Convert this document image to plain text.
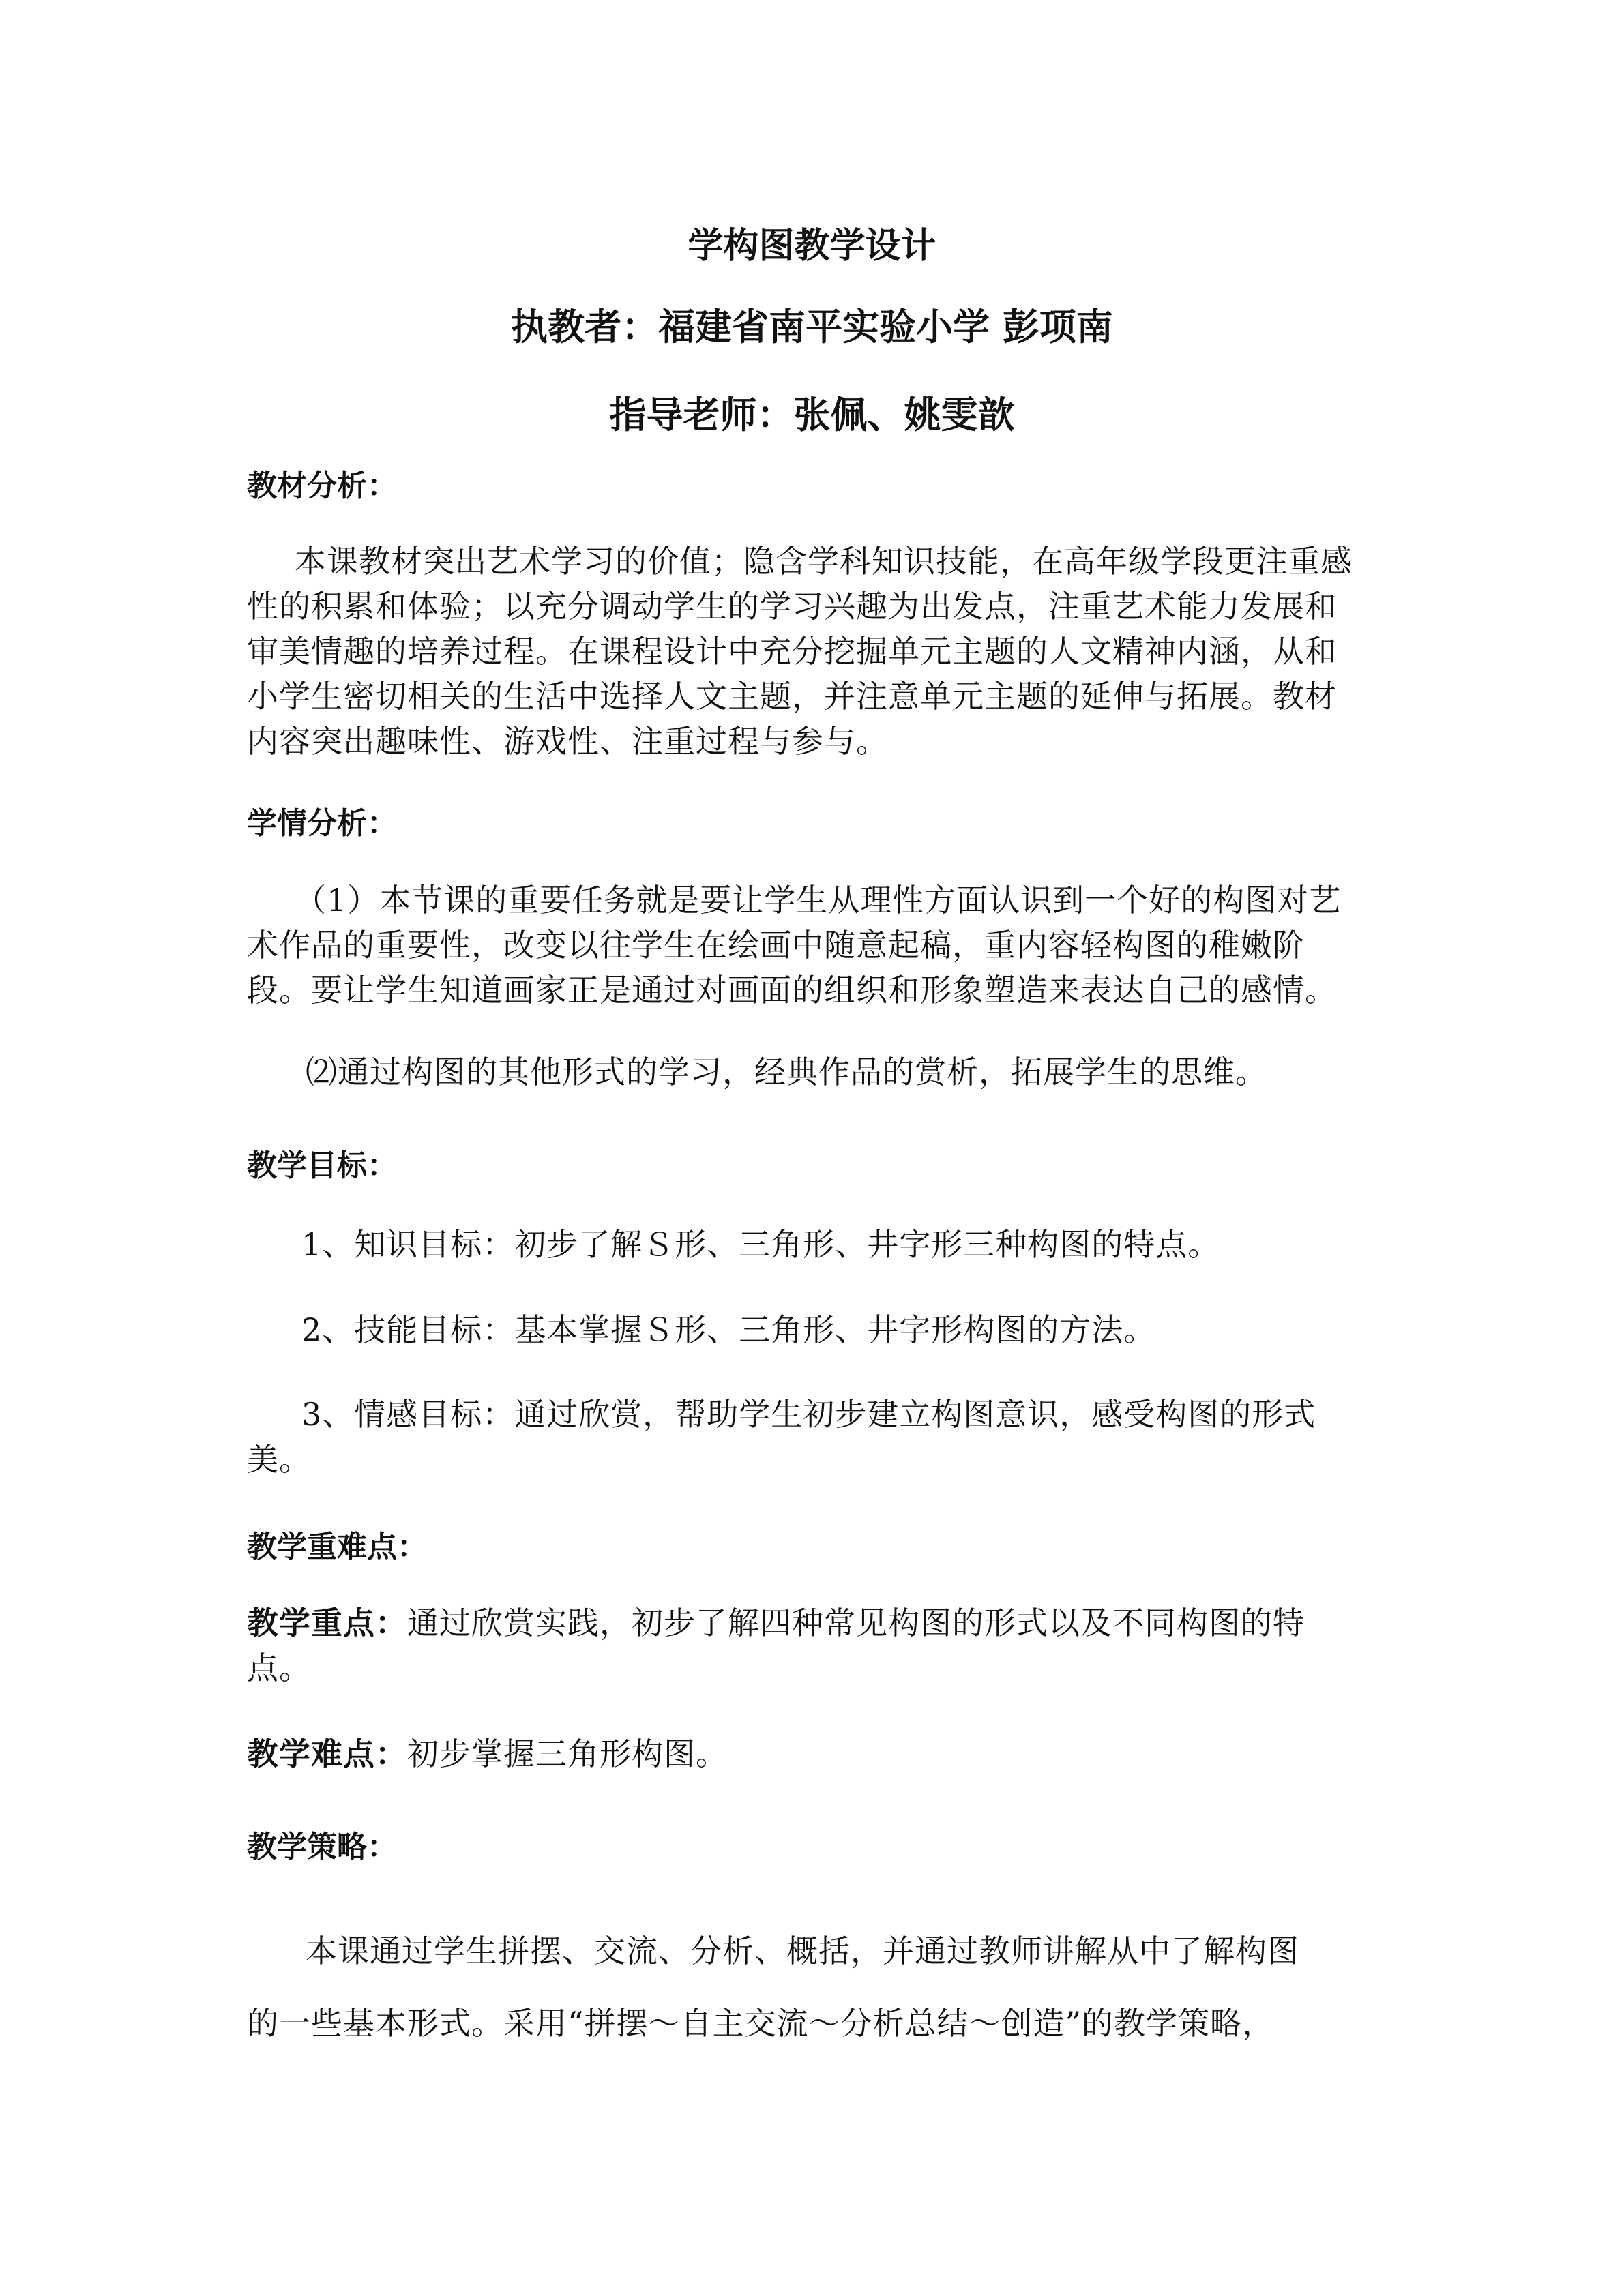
学构图教学设计
执教者：福建省南平实验小学 彭项南
指导老师：张佩、姚雯歆
教材分析：
本课教材突出艺术学习的价值；隐含学科知识技能，在高年级学段更注重感
性的积累和体验；以充分调动学生的学习兴趣为出发点，注重艺术能力发展和
审美情趣的培养过程。在课程设计中充分挖掘单元主题的人文精神内涵，从和
小学生密切相关的生活中选择人文主题，并注意单元主题的延伸与拓展。教材
内容突出趣味性、游戏性、注重过程与参与。
学情分析：
（1）本节课的重要任务就是要让学生从理性方面认识到一个好的构图对艺
术作品的重要性，改变以往学生在绘画中随意起稿，重内容轻构图的稚嫩阶
段。要让学生知道画家正是通过对画面的组织和形象塑造来表达自己的感情。
⑵通过构图的其他形式的学习，经典作品的赏析，拓展学生的思维。
教学目标：
1、知识目标：初步了解Ｓ形、三角形、井字形三种构图的特点。
2、技能目标：基本掌握Ｓ形、三角形、井字形构图的方法。
3、情感目标：通过欣赏，帮助学生初步建立构图意识，感受构图的形式
美。
教学重难点：
教学重点：通过欣赏实践，初步了解四种常见构图的形式以及不同构图的特
点。
教学难点：初步掌握三角形构图。
教学策略：
本课通过学生拼摆、交流、分析、概括，并通过教师讲解从中了解构图
的一些基本形式。采用“拼摆～自主交流～分析总结～创造”的教学策略，
